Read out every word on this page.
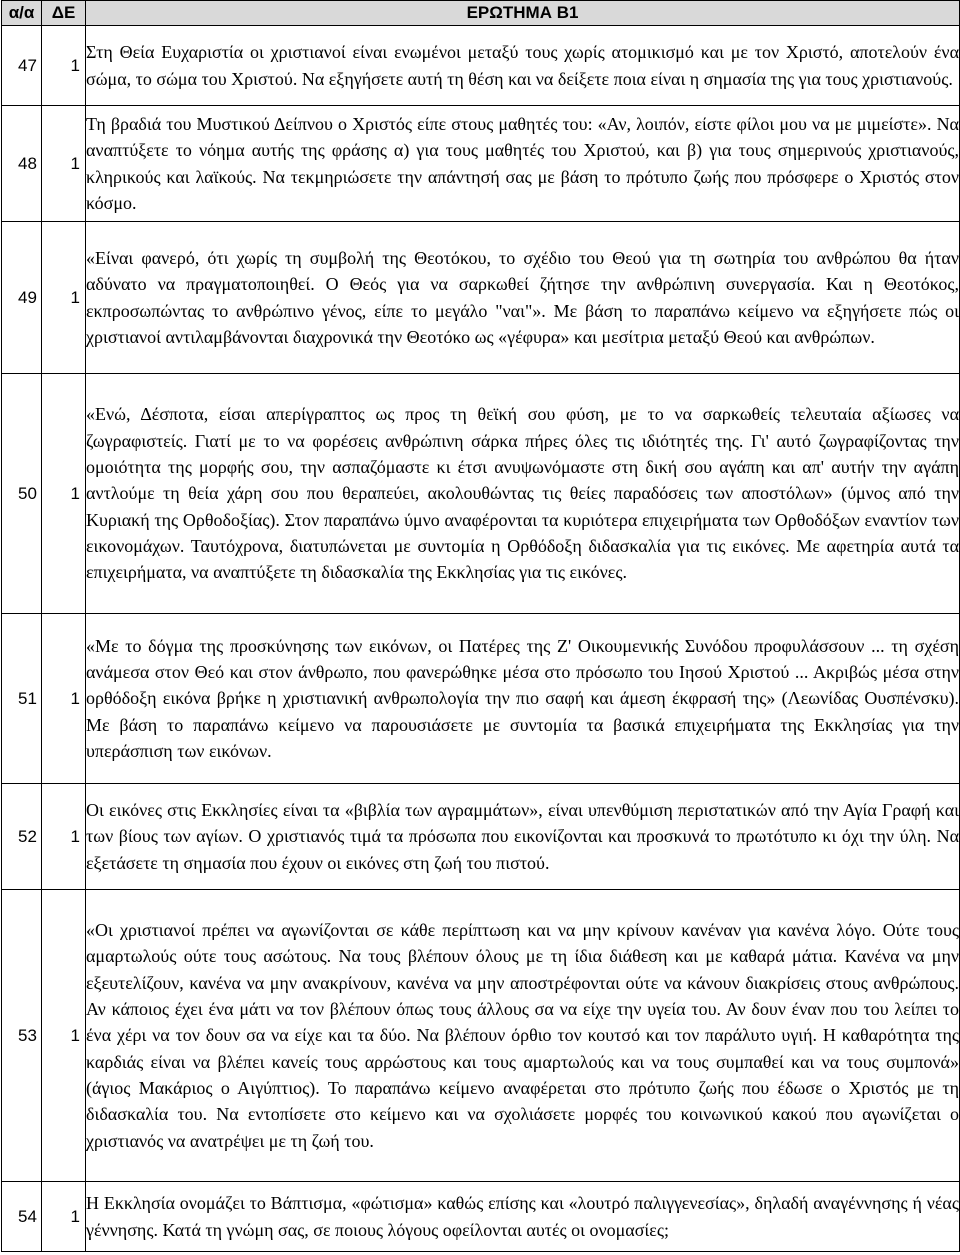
α/α	ΔΕ	ΕΡΩΤΗΜΑ Β1
47	1	Στη Θεία Ευχαριστία οι χριστιανοί είναι ενωμένοι μεταξύ τους χωρίς ατομικισμό και με τον Χριστό, αποτελούν ένα σώμα, το σώμα του Χριστού. Να εξηγήσετε αυτή τη θέση και να δείξετε ποια είναι η σημασία της για τους χριστιανούς.
48	1	Τη βραδιά του Μυστικού Δείπνου ο Χριστός είπε στους μαθητές του: «Αν, λοιπόν, είστε φίλοι μου να με μιμείστε». Να αναπτύξετε το νόημα αυτής της φράσης α) για τους μαθητές του Χριστού, και β) για τους σημερινούς χριστιανούς, κληρικούς και λαϊκούς. Να τεκμηριώσετε την απάντησή σας με βάση το πρότυπο ζωής που πρόσφερε ο Χριστός στον κόσμο.
49	1	«Είναι φανερό, ότι χωρίς τη συμβολή της Θεοτόκου, το σχέδιο του Θεού για τη σωτηρία του ανθρώπου θα ήταν αδύνατο να πραγματοποιηθεί. Ο Θεός για να σαρκωθεί ζήτησε την ανθρώπινη συνεργασία. Και η Θεοτόκος, εκπροσωπώντας το ανθρώπινο γένος, είπε το μεγάλο "ναι"». Με βάση το παραπάνω κείμενο να εξηγήσετε πώς οι χριστιανοί αντιλαμβάνονται διαχρονικά την Θεοτόκο ως «γέφυρα» και μεσίτρια μεταξύ Θεού και ανθρώπων.
50	1	«Ενώ, Δέσποτα, είσαι απερίγραπτος ως προς τη θεϊκή σου φύση, με το να σαρκωθείς τελευταία αξίωσες να ζωγραφιστείς. Γιατί με το να φορέσεις ανθρώπινη σάρκα πήρες όλες τις ιδιότητές της. Γι' αυτό ζωγραφίζοντας την ομοιότητα της μορφής σου, την ασπαζόμαστε κι έτσι ανυψωνόμαστε στη δική σου αγάπη και απ' αυτήν την αγάπη αντλούμε τη θεία χάρη σου που θεραπεύει, ακολουθώντας τις θείες παραδόσεις των αποστόλων» (ύμνος από την Κυριακή της Ορθοδοξίας). Στον παραπάνω ύμνο αναφέρονται τα κυριότερα επιχειρήματα των Ορθοδόξων εναντίον των εικονομάχων. Ταυτόχρονα, διατυπώνεται με συντομία η Ορθόδοξη διδασκαλία για τις εικόνες. Με αφετηρία αυτά τα επιχειρήματα, να αναπτύξετε τη διδασκαλία της Εκκλησίας για τις εικόνες.
51	1	«Με το δόγμα της προσκύνησης των εικόνων, οι Πατέρες της Ζ' Οικουμενικής Συνόδου προφυλάσσουν ... τη σχέση ανάμεσα στον Θεό και στον άνθρωπο, που φανερώθηκε μέσα στο πρόσωπο του Ιησού Χριστού ... Ακριβώς μέσα στην ορθόδοξη εικόνα βρήκε η χριστιανική ανθρωπολογία την πιο σαφή και άμεση έκφρασή της» (Λεωνίδας Ουσπένσκυ). Με βάση το παραπάνω κείμενο να παρουσιάσετε με συντομία τα βασικά επιχειρήματα της Εκκλησίας για την υπεράσπιση των εικόνων.
52	1	Οι εικόνες στις Εκκλησίες είναι τα «βιβλία των αγραμμάτων», είναι υπενθύμιση περιστατικών από την Αγία Γραφή και των βίους των αγίων. Ο χριστιανός τιμά τα πρόσωπα που εικονίζονται και προσκυνά το πρωτότυπο κι όχι την ύλη. Να εξετάσετε τη σημασία που έχουν οι εικόνες στη ζωή του πιστού.
53	1	«Οι χριστιανοί πρέπει να αγωνίζονται σε κάθε περίπτωση και να μην κρίνουν κανέναν για κανένα λόγο. Ούτε τους αμαρτωλούς ούτε τους ασώτους. Να τους βλέπουν όλους με τη ίδια διάθεση και με καθαρά μάτια. Κανένα να μην εξευτελίζουν, κανένα να μην ανακρίνουν, κανένα να μην αποστρέφονται ούτε να κάνουν διακρίσεις στους ανθρώπους. Αν κάποιος έχει ένα μάτι να τον βλέπουν όπως τους άλλους σα να είχε την υγεία του. Αν δουν έναν που του λείπει το ένα χέρι να τον δουν σα να είχε και τα δύο. Να βλέπουν όρθιο τον κουτσό και τον παράλυτο υγιή. Η καθαρότητα της καρδιάς είναι να βλέπει κανείς τους αρρώστους και τους αμαρτωλούς και να τους συμπαθεί και να τους συμπονά» (άγιος Μακάριος ο Αιγύπτιος). Το παραπάνω κείμενο αναφέρεται στο πρότυπο ζωής που έδωσε ο Χριστός με τη διδασκαλία του. Να εντοπίσετε στο κείμενο και να σχολιάσετε μορφές του κοινωνικού κακού που αγωνίζεται ο χριστιανός να ανατρέψει με τη ζωή του.
54	1	Η Εκκλησία ονομάζει το Βάπτισμα, «φώτισμα» καθώς επίσης και «λουτρό παλιγγενεσίας», δηλαδή αναγέννησης ή νέας γέννησης. Κατά τη γνώμη σας, σε ποιους λόγους οφείλονται αυτές οι ονομασίες;
